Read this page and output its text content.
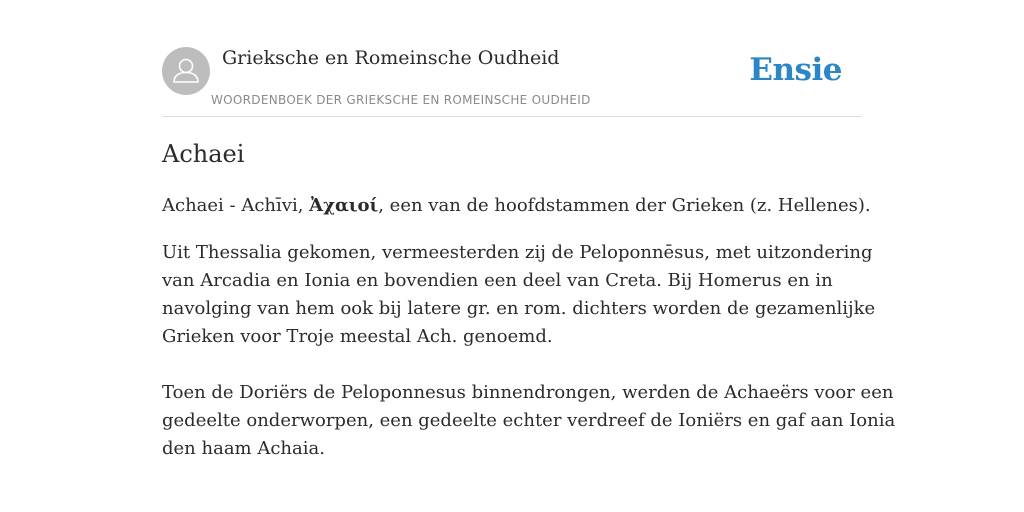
Grieksche en Romeinsche Oudheid
WOORDENBOEK DER GRIEKSCHE EN ROMEINSCHE OUDHEID
Ensie
Achaei

Achaei - Achīvi, Ἀχαιοί, een van de hoofdstammen der Grieken (z. Hellenes).

Uit Thessalia gekomen, vermeesterden zij de Peloponnēsus, met uitzondering
van Arcadia en Ionia en bovendien een deel van Creta. Bij Homerus en in
navolging van hem ook bij latere gr. en rom. dichters worden de gezamenlijke
Grieken voor Troje meestal Ach. genoemd.
Toen de Doriërs de Peloponnesus binnendrongen, werden de Achaeërs voor een
gedeelte onderworpen, een gedeelte echter verdreef de Ioniërs en gaf aan Ionia
den haam Achaia.
